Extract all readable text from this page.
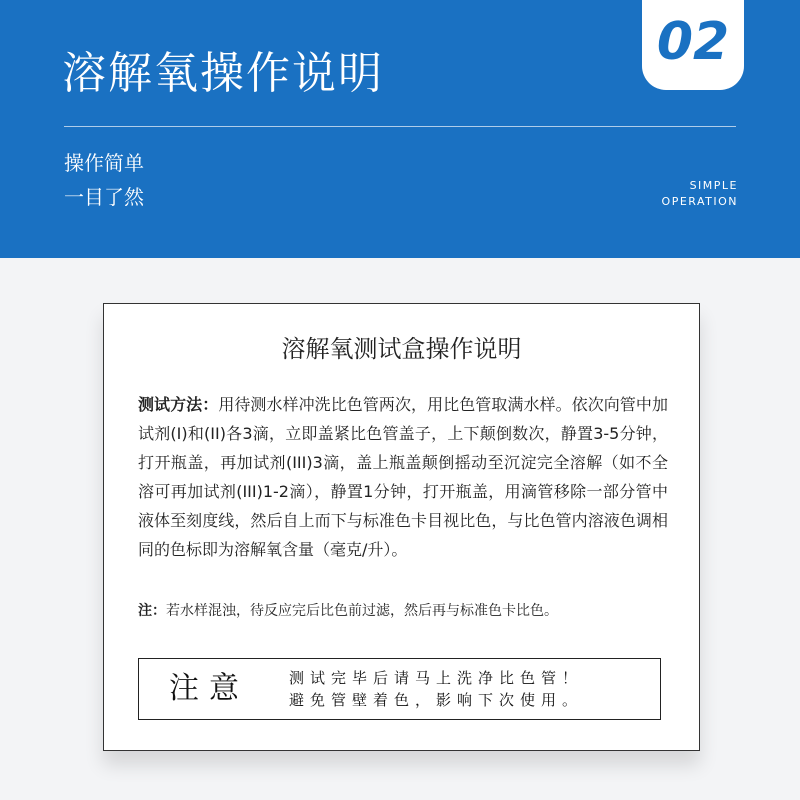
溶解氧操作说明
02
操作简单
一目了然	SIMPLE
OPERATION
溶解氧测试盒操作说明
测试方法：用待测水样冲洗比色管两次，用比色管取满水样。依次向管中加试剂(I)和(II)各3滴，立即盖紧比色管盖子，上下颠倒数次，静置3-5分钟，打开瓶盖，再加试剂(III)3滴，盖上瓶盖颠倒摇动至沉淀完全溶解（如不全溶可再加试剂(III)1-2滴），静置1分钟，打开瓶盖，用滴管移除一部分管中液体至刻度线，然后自上而下与标准色卡目视比色，与比色管内溶液色调相同的色标即为溶解氧含量（毫克/升）。
注：若水样混浊，待反应完后比色前过滤，然后再与标准色卡比色。
注意	测试完毕后请马上洗净比色管！
避免管壁着色，影响下次使用。
